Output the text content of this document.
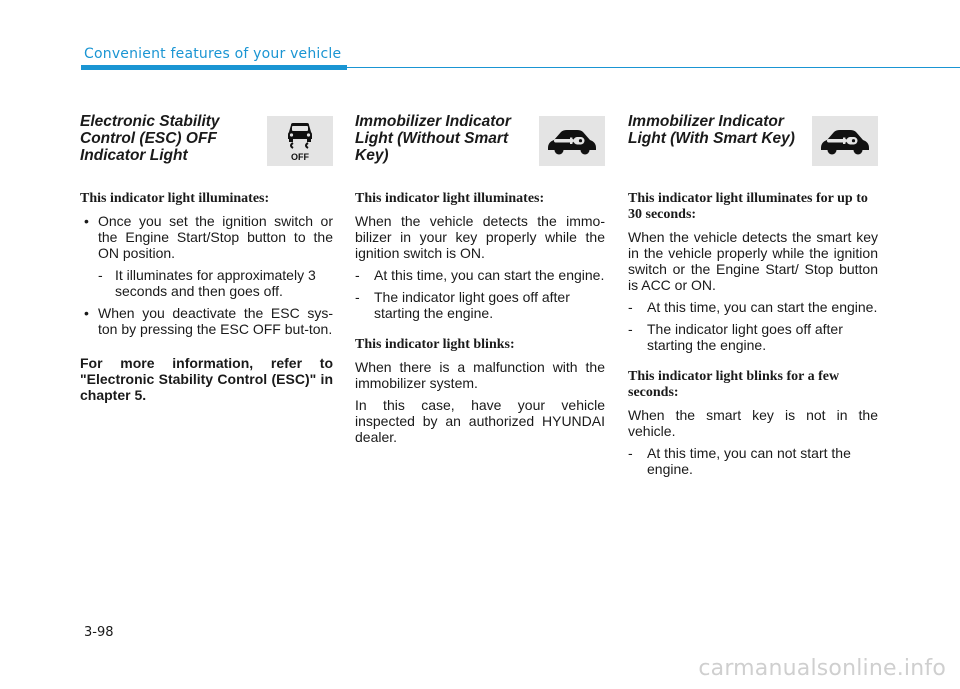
Convenient features of your vehicle
Electronic Stability
Control (ESC) OFF
Indicator Light	OFF
This indicator light illuminates:
• Once you set the ignition switch or the Engine Start/Stop button to the ON position.
- It illuminates for approximately 3 seconds and then goes off.
• When you deactivate the ESC sys-ton by pressing the ESC OFF but-ton.
For more information, refer to "Electronic Stability Control (ESC)" in chapter 5.
Immobilizer Indicator
Light (Without Smart
Key)
This indicator light illuminates:
When the vehicle detects the immo-bilizer in your key properly while the ignition switch is ON.
- At this time, you can start the engine.
- The indicator light goes off after starting the engine.
This indicator light blinks:
When there is a malfunction with the immobilizer system.
In this case, have your vehicle inspected by an authorized HYUNDAI dealer.
Immobilizer Indicator
Light (With Smart Key)
This indicator light illuminates for up to 30 seconds:
When the vehicle detects the smart key in the vehicle properly while the ignition switch or the Engine Start/ Stop button is ACC or ON.
- At this time, you can start the engine.
- The indicator light goes off after starting the engine.
This indicator light blinks for a few seconds:
When the smart key is not in the vehicle.
- At this time, you can not start the engine.
3-98
carmanualsonline.info
